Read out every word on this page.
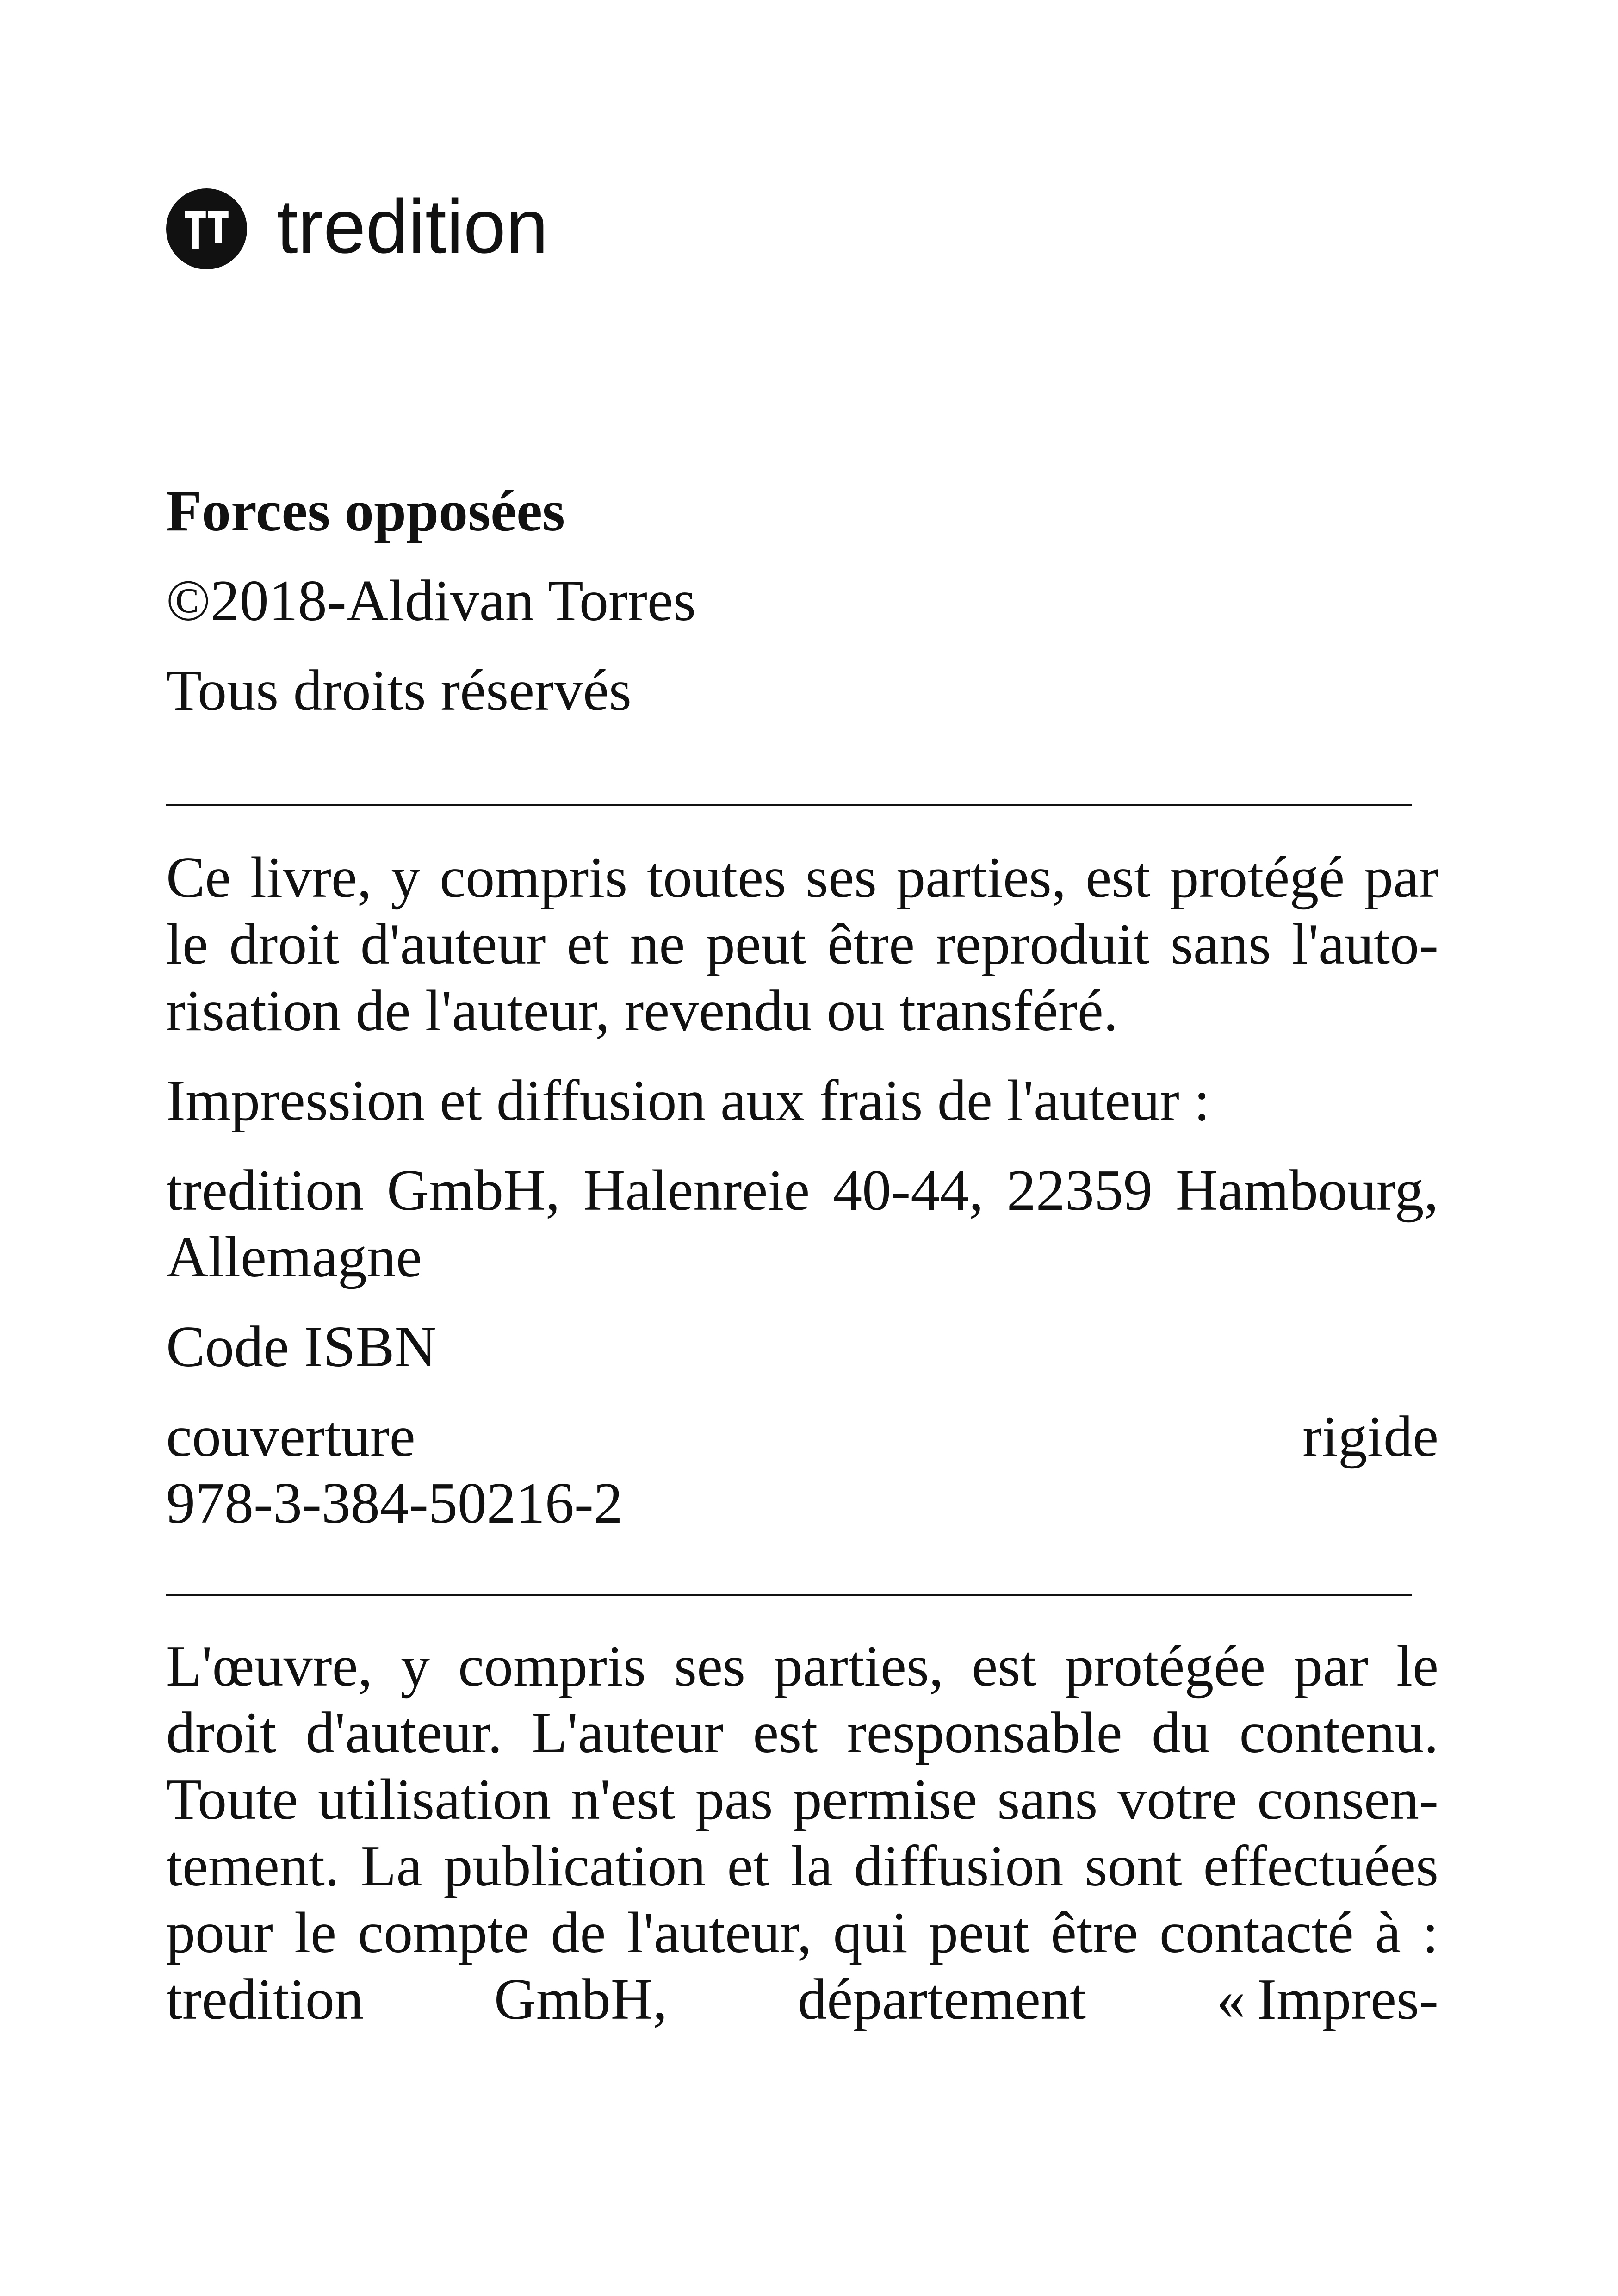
tredition

Forces opposées

©2018-Aldivan Torres

Tous droits réservés

Ce livre, y compris toutes ses parties, est protégé par
le droit d'auteur et ne peut être reproduit sans l'auto-
risation de l'auteur, revendu ou transféré.

Impression et diffusion aux frais de l'auteur :

tredition GmbH, Halenreie 40-44, 22359 Hambourg,
Allemagne

Code ISBN

couverture rigide
978-3-384-50216-2

L'œuvre, y compris ses parties, est protégée par le
droit d'auteur. L'auteur est responsable du contenu.
Toute utilisation n'est pas permise sans votre consen-
tement. La publication et la diffusion sont effectuées
pour le compte de l'auteur, qui peut être contacté à :
tredition GmbH, département « Impres-
